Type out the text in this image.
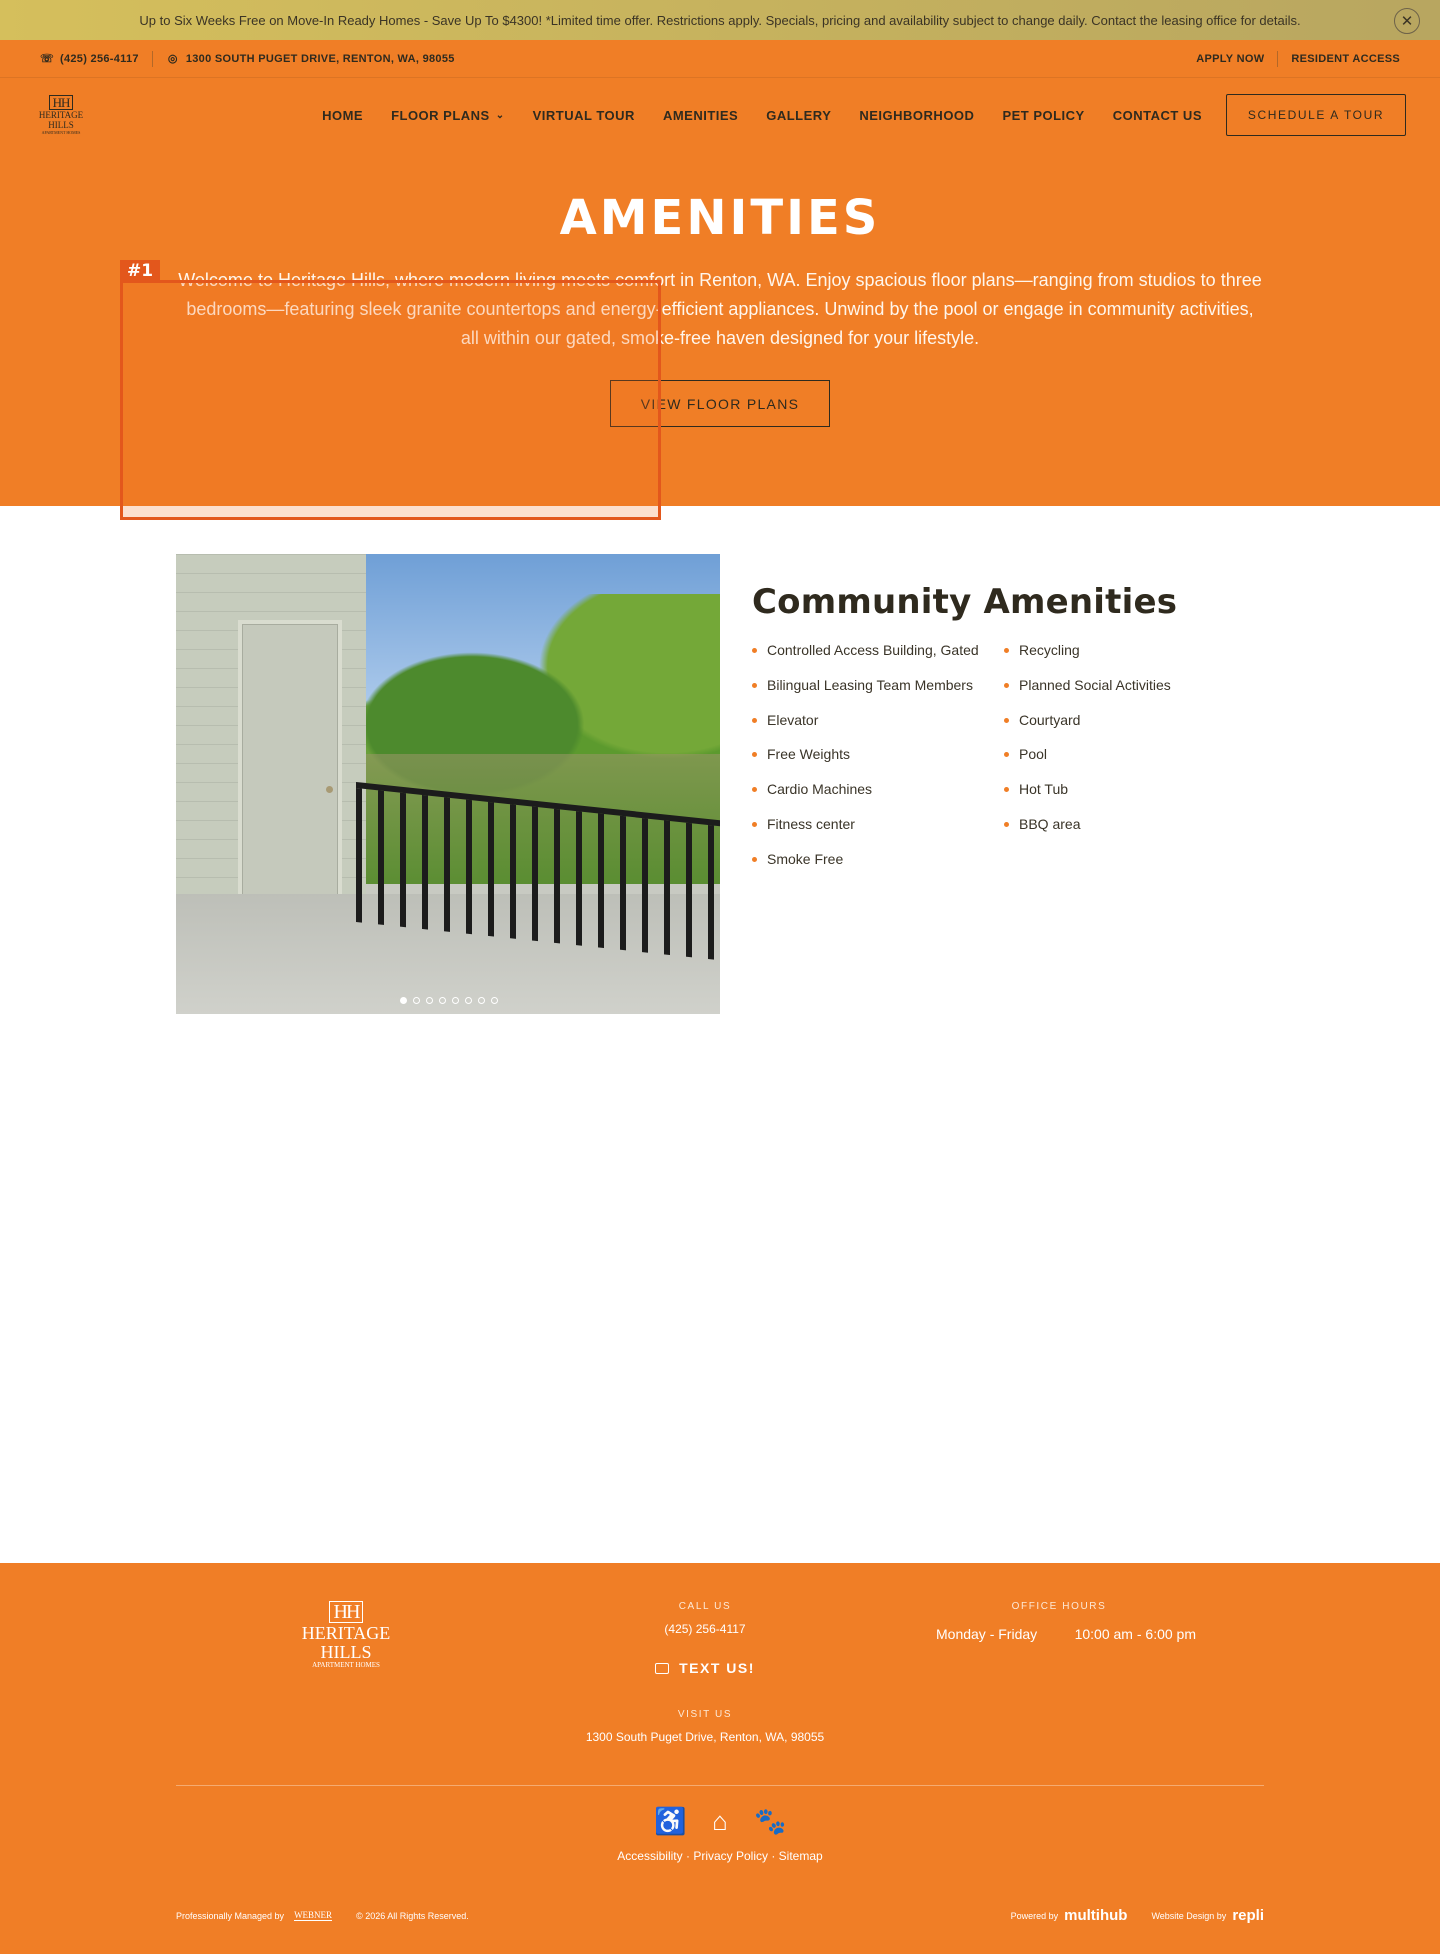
Up to Six Weeks Free on Move-In Ready Homes - Save Up To $4300! *Limited time offer. Restrictions apply. Specials, pricing and availability subject to change daily. Contact the leasing office for details.	✕
☏ (425) 256-4117	◎ 1300 SOUTH PUGET DRIVE, RENTON, WA, 98055	APPLY NOW RESIDENT ACCESS
HH
HERITAGE
HILLS
APARTMENT HOMES
HOME FLOOR PLANS ⌄ VIRTUAL TOUR AMENITIES GALLERY NEIGHBORHOOD PET POLICY CONTACT US	SCHEDULE A TOUR
AMENITIES

Welcome to Heritage Hills, where modern living meets comfort in Renton, WA. Enjoy spacious floor plans—ranging from studios to three bedrooms—featuring sleek granite countertops and energy-efficient appliances. Unwind by the pool or engage in community activities, all within our gated, smoke-free haven designed for your lifestyle.

VIEW FLOOR PLANS
#1
Community Amenities
Controlled Access Building, Gated
Bilingual Leasing Team Members
Elevator
Free Weights
Cardio Machines
Fitness center
Smoke Free
Recycling
Planned Social Activities
Courtyard
Pool
Hot Tub
BBQ area
HH
HERITAGE
HILLS
APARTMENT HOMES
CALL US
(425) 256-4117
TEXT US!
VISIT US
1300 South Puget Drive, Renton, WA, 98055
OFFICE HOURS
Monday - Friday	10:00 am - 6:00 pm
♿ ⌂	🐾
Accessibility · Privacy Policy · Sitemap
Professionally Managed by WEBNER	© 2026 All Rights Reserved.	Powered by multihub	Website Design by repli
